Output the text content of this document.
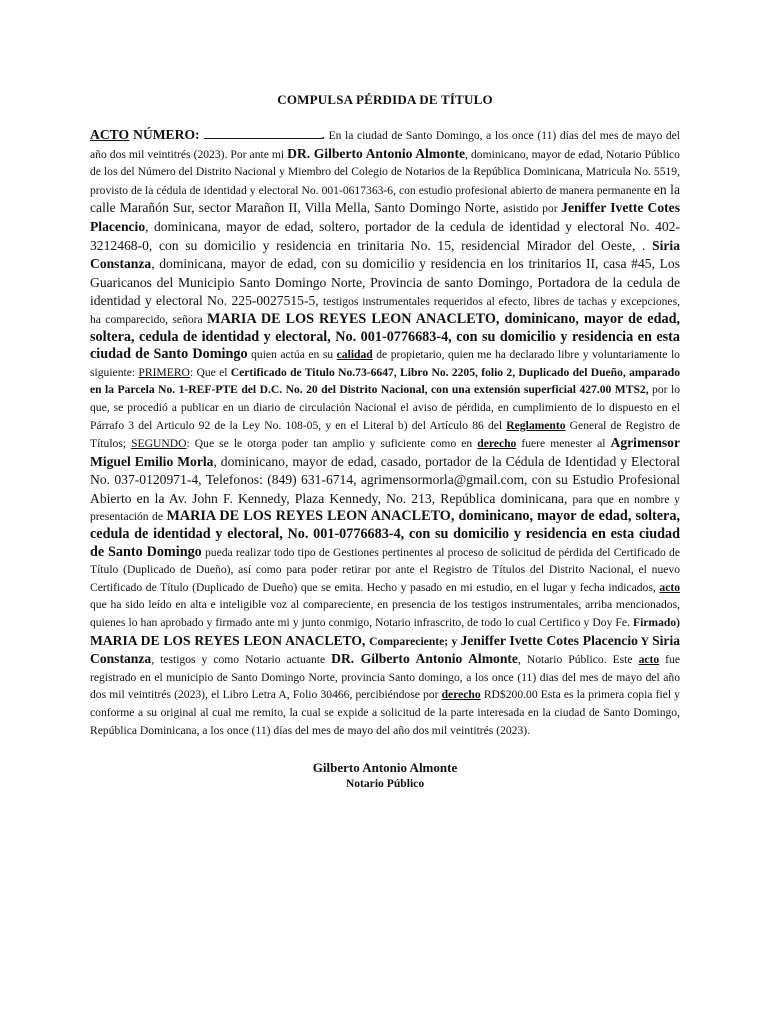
COMPULSA PÉRDIDA DE TÍTULO

ACTO NÚMERO:	. En la ciudad de Santo Domingo, a los once (11) días del mes de mayo del año dos mil veintitrés (2023). Por ante mi DR. Gilberto Antonio Almonte, dominicano, mayor de edad, Notario Público de los del Número del Distrito Nacional y Miembro del Colegio de Notarios de la República Dominicana, Matricula No. 5519, provisto de la cédula de identidad y electoral No. 001-0617363-6, con estudio profesional abierto de manera permanente en la calle Marañón Sur, sector Marañon II, Villa Mella, Santo Domingo Norte, asistido por Jeniffer Ivette Cotes Placencio, dominicana, mayor de edad, soltero, portador de la cedula de identidad y electoral No. 402-3212468-0, con su domicilio y residencia en trinitaria No. 15, residencial Mirador del Oeste, . Siria Constanza, dominicana, mayor de edad, con su domicilio y residencia en los trinitarios II, casa #45, Los Guaricanos del Municipio Santo Domingo Norte, Provincia de santo Domingo, Portadora de la cedula de identidad y electoral No. 225-0027515-5, testigos instrumentales requeridos al efecto, libres de tachas y excepciones, ha comparecido, señora MARIA DE LOS REYES LEON ANACLETO, dominicano, mayor de edad, soltera, cedula de identidad y electoral, No. 001-0776683-4, con su domicilio y residencia en esta ciudad de Santo Domingo quien actúa en su calidad de propietario, quien me ha declarado libre y voluntariamente lo siguiente: PRIMERO: Que el Certificado de Titulo No.73-6647, Libro No. 2205, folio 2, Duplicado del Dueño, amparado en la Parcela No. 1-REF-PTE del D.C. No. 20 del Distrito Nacional, con una extensión superficial 427.00 MTS2, por lo que, se procedió a publicar en un diario de circulación Nacional el aviso de pérdida, en cumplimiento de lo dispuesto en el Párrafo 3 del Articulo 92 de la Ley No. 108-05, y en el Literal b) del Artículo 86 del Reglamento General de Registro de Títulos; SEGUNDO: Que se le otorga poder tan amplio y suficiente como en derecho fuere menester al Agrimensor Miguel Emilio Morla, dominicano, mayor de edad, casado, portador de la Cédula de Identidad y Electoral No. 037-0120971-4, Telefonos: (849) 631-6714, agrimensormorla@gmail.com, con su Estudio Profesional Abierto en la Av. John F. Kennedy, Plaza Kennedy, No. 213, República dominicana, para que en nombre y presentación de MARIA DE LOS REYES LEON ANACLETO, dominicano, mayor de edad, soltera, cedula de identidad y electoral, No. 001-0776683-4, con su domicilio y residencia en esta ciudad de Santo Domingo pueda realizar todo tipo de Gestiones pertinentes al proceso de solicitud de pérdida del Certificado de Título (Duplicado de Dueño), así como para poder retirar por ante el Registro de Títulos del Distrito Nacional, el nuevo Certificado de Título (Duplicado de Dueño) que se emita. Hecho y pasado en mi estudio, en el lugar y fecha indicados, acto que ha sido leído en alta e inteligible voz al compareciente, en presencia de los testigos instrumentales, arriba mencionados, quienes lo han aprobado y firmado ante mi y junto conmigo, Notario infrascrito, de todo lo cual Certifico y Doy Fe. Firmado) MARIA DE LOS REYES LEON ANACLETO, Compareciente; y Jeniffer Ivette Cotes Placencio Y Siria Constanza, testigos y como Notario actuante DR. Gilberto Antonio Almonte, Notario Público. Este acto fue registrado en el municipio de Santo Domingo Norte, provincia Santo domingo, a los once (11) dias del mes de mayo del año dos mil veintitrés (2023), el Libro Letra A, Folio 30466, percibiéndose por derecho RD$200.00 Esta es la primera copia fiel y conforme a su original al cual me remito, la cual se expide a solicitud de la parte interesada en la ciudad de Santo Domingo, República Dominicana, a los once (11) días del mes de mayo del año dos mil veintitrés (2023).

Gilberto Antonio Almonte
Notario Público
